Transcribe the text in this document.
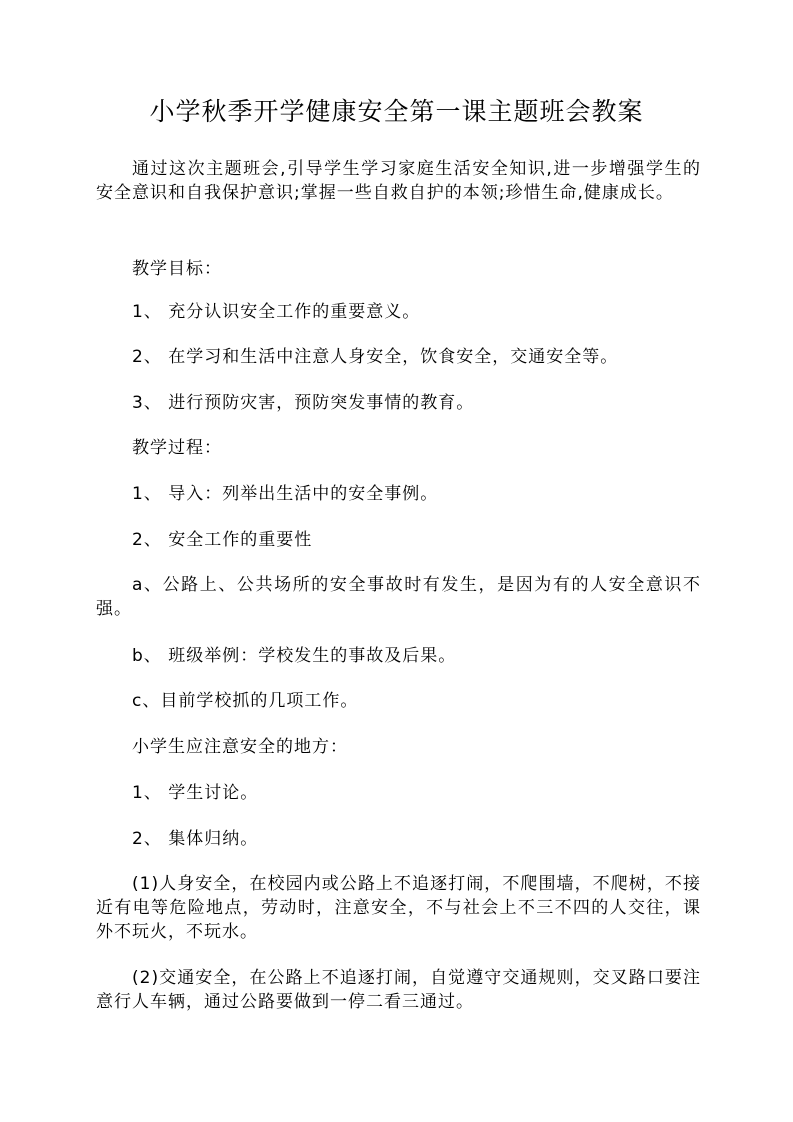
小学秋季开学健康安全第一课主题班会教案

通过这次主题班会,引导学生学习家庭生活安全知识,进一步增强学生的安全意识和自我保护意识;掌握一些自救自护的本领;珍惜生命,健康成长。

教学目标：
1、 充分认识安全工作的重要意义。
2、 在学习和生活中注意人身安全，饮食安全，交通安全等。
3、 进行预防灾害，预防突发事情的教育。
教学过程：
1、 导入：列举出生活中的安全事例。
2、 安全工作的重要性

a、公路上、公共场所的安全事故时有发生，是因为有的人安全意识不强。

b、 班级举例：学校发生的事故及后果。
c、目前学校抓的几项工作。
小学生应注意安全的地方：
1、 学生讨论。
2、 集体归纳。

(1)人身安全，在校园内或公路上不追逐打闹，不爬围墙，不爬树，不接近有电等危险地点，劳动时，注意安全，不与社会上不三不四的人交往，课外不玩火，不玩水。

(2)交通安全，在公路上不追逐打闹，自觉遵守交通规则，交叉路口要注意行人车辆，通过公路要做到一停二看三通过。
